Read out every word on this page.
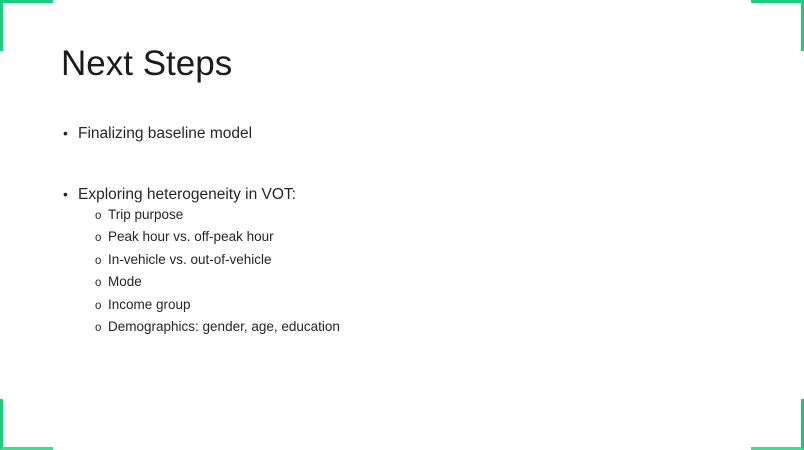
Next Steps
• Finalizing baseline model
• Exploring heterogeneity in VOT:
o Trip purpose
o Peak hour vs. off-peak hour
o In-vehicle vs. out-of-vehicle
o Mode
o Income group
o Demographics: gender, age, education
